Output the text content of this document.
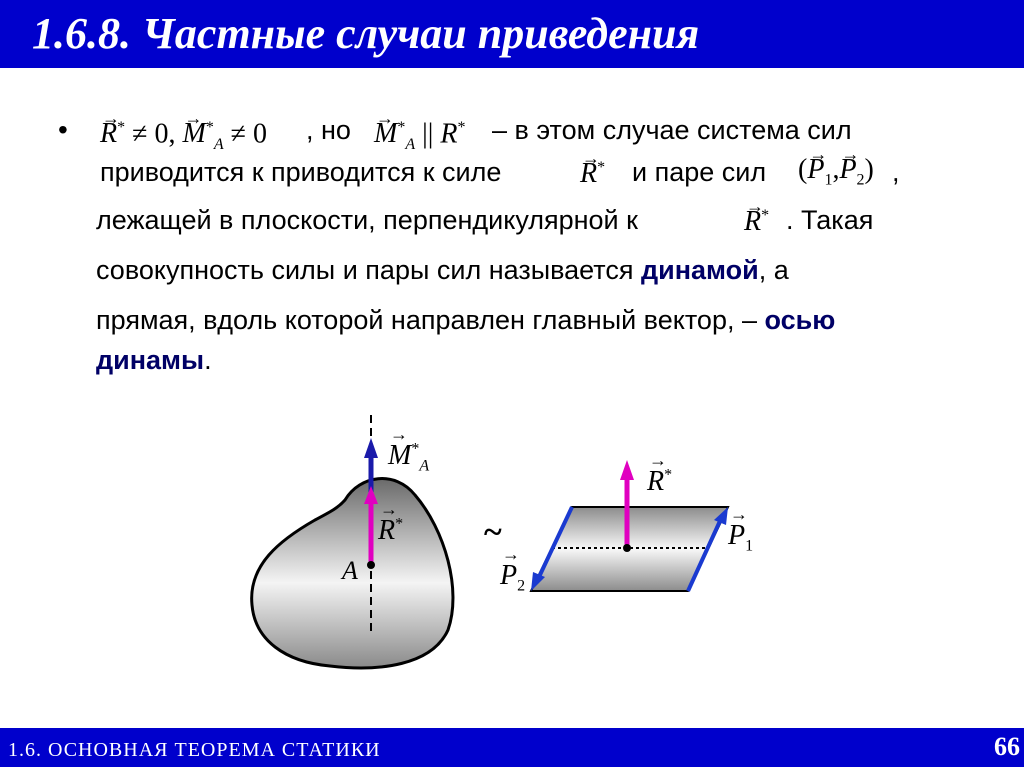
1.6.8. Частные случаи приведения
• → R* ≠ 0, → $M^*_A \ne 0$ , но → $M^*_A$ || R* – в этом случае система сил
приводится к приводится к силе	→ R* и паре сил (→ $P_1,\to P_2$) ,
лежащей в плоскости, перпендикулярной к	→ R* . Такая
совокупность силы и пары сил называется динамой, а
прямая, вдоль которой направлен главный вектор, – осью
динамы.
→ $M^*_A$
→ R*
A
~
→ R*
→ $P_1$
→ $P_2$
1.6. ОСНОВНАЯ ТЕОРЕМА СТАТИКИ	66
